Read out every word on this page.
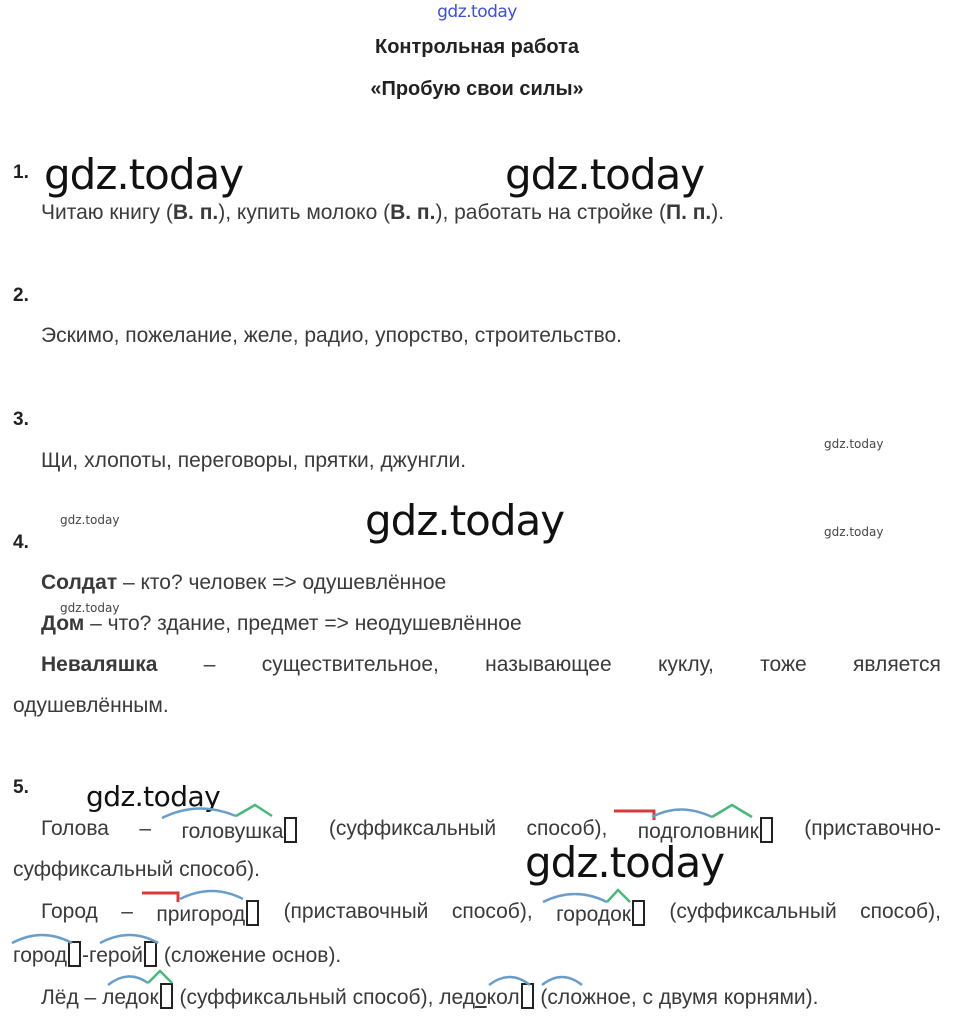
gdz.today
Контрольная работа
«Пробую свои силы»
gdz.today	gdz.today
gdz.today
gdz.today
gdz.today
gdz.today
gdz.today
gdz.today
gdz.today
1.
Читаю книгу (В. п.), купить молоко (В. п.), работать на стройке (П. п.).
2.
Эскимо, пожелание, желе, радио, упорство, строительство.
3.
Щи, хлопоты, переговоры, прятки, джунгли.
4.
Солдат – кто? человек => одушевлённое
Дом – что? здание, предмет => неодушевлённое
Неваляшка – существительное, называющее куклу, тоже является
одушевлённым.
5.
Голова – головушка	(суффиксальный способ), подголовник	(приставочно-
суффиксальный способ).
Город – пригород	(приставочный способ), городок	(суффиксальный способ),
город -герой (сложение основ).
Лёд – ледок (суффиксальный способ), ледокол (сложное, с двумя корнями).
